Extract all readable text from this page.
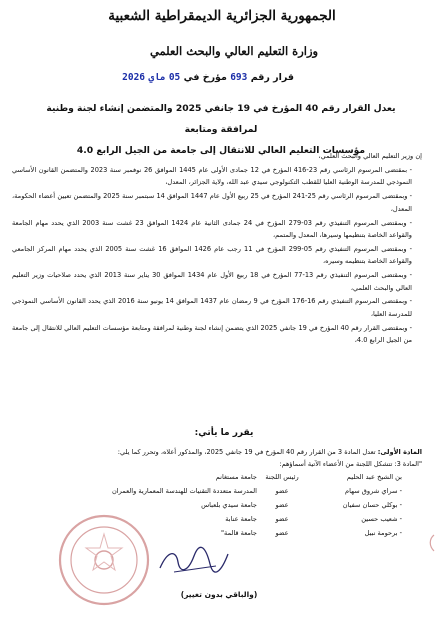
الجمهورية الجزائرية الديمقراطية الشعبية
وزارة التعليم العالي والبحث العلمي
قرار رقم 693 مؤرخ في 05 ماي 2026
يعدل القرار رقم 40 المؤرخ في 19 جانفي 2025 والمتضمن إنشاء لجنة وطنية لمرافقة ومتابعة
مؤسسات التعليم العالي للانتقال إلى جامعة من الجيل الرابع 4.0

إن وزير التعليم العالي والبحث العلمي،

- بمقتضى المرسوم الرئاسي رقم 23-416 المؤرخ في 12 جمادى الأولى عام 1445 الموافق 26 نوفمبر سنة 2023 والمتضمن القانون الأساسي النموذجي للمدرسة الوطنية العليا للقطب التكنولوجي سيدي عبد الله، ولاية الجزائر، المعدل،

- وبمقتضى المرسوم الرئاسي رقم 25-241 المؤرخ في 25 ربيع الأول عام 1447 الموافق 14 سبتمبر سنة 2025 والمتضمن تعيين أعضاء الحكومة، المعدل،

- وبمقتضى المرسوم التنفيذي رقم 03-279 المؤرخ في 24 جمادى الثانية عام 1424 الموافق 23 غشت سنة 2003 الذي يحدد مهام الجامعة والقواعد الخاصة بتنظيمها وسيرها، المعدل والمتمم،

- وبمقتضى المرسوم التنفيذي رقم 05-299 المؤرخ في 11 رجب عام 1426 الموافق 16 غشت سنة 2005 الذي يحدد مهام المركز الجامعي والقواعد الخاصة بتنظيمه وسيره،

- وبمقتضى المرسوم التنفيذي رقم 13-77 المؤرخ في 18 ربيع الأول عام 1434 الموافق 30 يناير سنة 2013 الذي يحدد صلاحيات وزير التعليم العالي والبحث العلمي،

- وبمقتضى المرسوم التنفيذي رقم 16-176 المؤرخ في 9 رمضان عام 1437 الموافق 14 يونيو سنة 2016 الذي يحدد القانون الأساسي النموذجي للمدرسة العليا،

- وبمقتضى القرار رقم 40 المؤرخ في 19 جانفي 2025 الذي يتضمن إنشاء لجنة وطنية لمرافقة ومتابعة مؤسسات التعليم العالي للانتقال إلى جامعة من الجيل الرابع 4.0،

يقرر ما يأتي:
المادة الأولى: تعدل المادة 3 من القرار رقم 40 المؤرخ في 19 جانفي 2025، والمذكور أعلاه، وتحرر كما يلي:
"المادة 3: تتشكل اللجنة من الأعضاء الآتية أسماؤهم:
بن الشيخ عبد الحليم
رئيس اللجنة
جامعة مستغانم
- سراي شروق سهام
عضو
المدرسة متعددة التقنيات للهندسة المعمارية والعمران
- بوكلي حسان سفيان
عضو
جامعة سيدي بلعباس
- شعيب حسين
عضو
جامعة عنابة
- برحومة نبيل
عضو
جامعة قالمة"
(والباقي بدون تغيير)
